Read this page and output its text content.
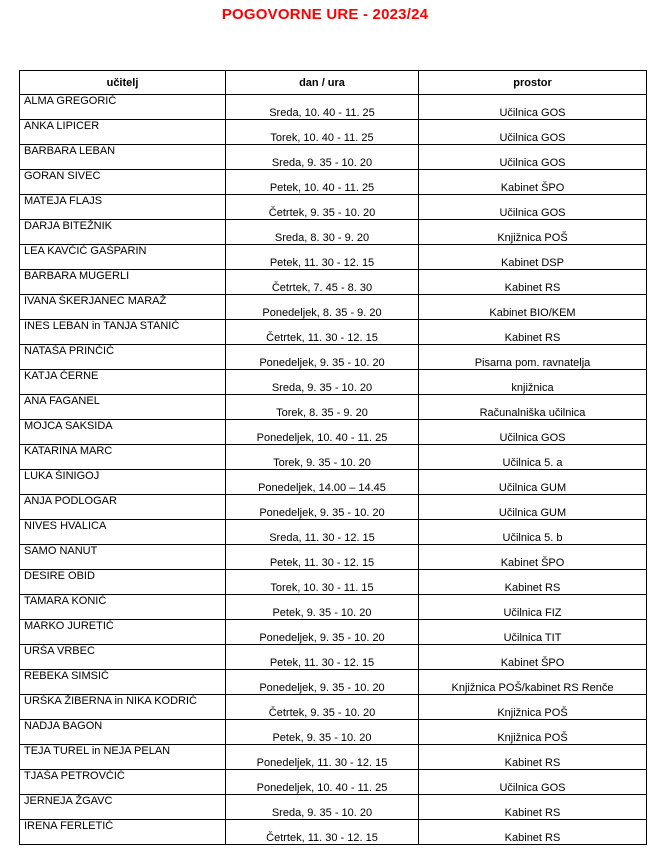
POGOVORNE URE - 2023/24
učitelj	dan / ura	prostor
ALMA GREGORIČ	Sreda, 10. 40 - 11. 25	Učilnica GOS
ANKA LIPICER	Torek, 10. 40 - 11. 25	Učilnica GOS
BARBARA LEBAN	Sreda, 9. 35 - 10. 20	Učilnica GOS
GORAN SIVEC	Petek, 10. 40 - 11. 25	Kabinet ŠPO
MATEJA FLAJS	Četrtek, 9. 35 - 10. 20	Učilnica GOS
DARJA BITEŽNIK	Sreda, 8. 30 - 9. 20	Knjižnica POŠ
LEA KAVČIČ GAŠPARIN	Petek, 11. 30 - 12. 15	Kabinet DSP
BARBARA MUGERLI	Četrtek, 7. 45 - 8. 30	Kabinet RS
IVANA ŠKERJANEC MARAŽ	Ponedeljek, 8. 35 - 9. 20	Kabinet BIO/KEM
INES LEBAN in TANJA STANIČ	Četrtek, 11. 30 - 12. 15	Kabinet RS
NATAŠA PRINČIČ	Ponedeljek, 9. 35 - 10. 20	Pisarna pom. ravnatelja
KATJA ČERNE	Sreda, 9. 35 - 10. 20	knjižnica
ANA FAGANEL	Torek, 8. 35 - 9. 20	Računalniška učilnica
MOJCA SAKSIDA	Ponedeljek, 10. 40 - 11. 25	Učilnica GOS
KATARINA MARC	Torek, 9. 35 - 10. 20	Učilnica 5. a
LUKA ŠINIGOJ	Ponedeljek, 14.00 – 14.45	Učilnica GUM
ANJA PODLOGAR	Ponedeljek, 9. 35 - 10. 20	Učilnica GUM
NIVES HVALICA	Sreda, 11. 30 - 12. 15	Učilnica 5. b
SAMO NANUT	Petek, 11. 30 - 12. 15	Kabinet ŠPO
DESIRE OBID	Torek, 10. 30 - 11. 15	Kabinet RS
TAMARA KONIČ	Petek, 9. 35 - 10. 20	Učilnica FIZ
MARKO JURETIČ	Ponedeljek, 9. 35 - 10. 20	Učilnica TIT
URŠA VRBEC	Petek, 11. 30 - 12. 15	Kabinet ŠPO
REBEKA SIMSIČ	Ponedeljek, 9. 35 - 10. 20	Knjižnica POŠ/kabinet RS Renče
URŠKA ŽIBERNA in NIKA KODRIČ	Četrtek, 9. 35 - 10. 20	Knjižnica POŠ
NADJA BAGON	Petek, 9. 35 - 10. 20	Knjižnica POŠ
TEJA TUREL in NEJA PELAN	Ponedeljek, 11. 30 - 12. 15	Kabinet RS
TJAŠA PETROVČIČ	Ponedeljek, 10. 40 - 11. 25	Učilnica GOS
JERNEJA ŽGAVC	Sreda, 9. 35 - 10. 20	Kabinet RS
IRENA FERLETIČ	Četrtek, 11. 30 - 12. 15	Kabinet RS
